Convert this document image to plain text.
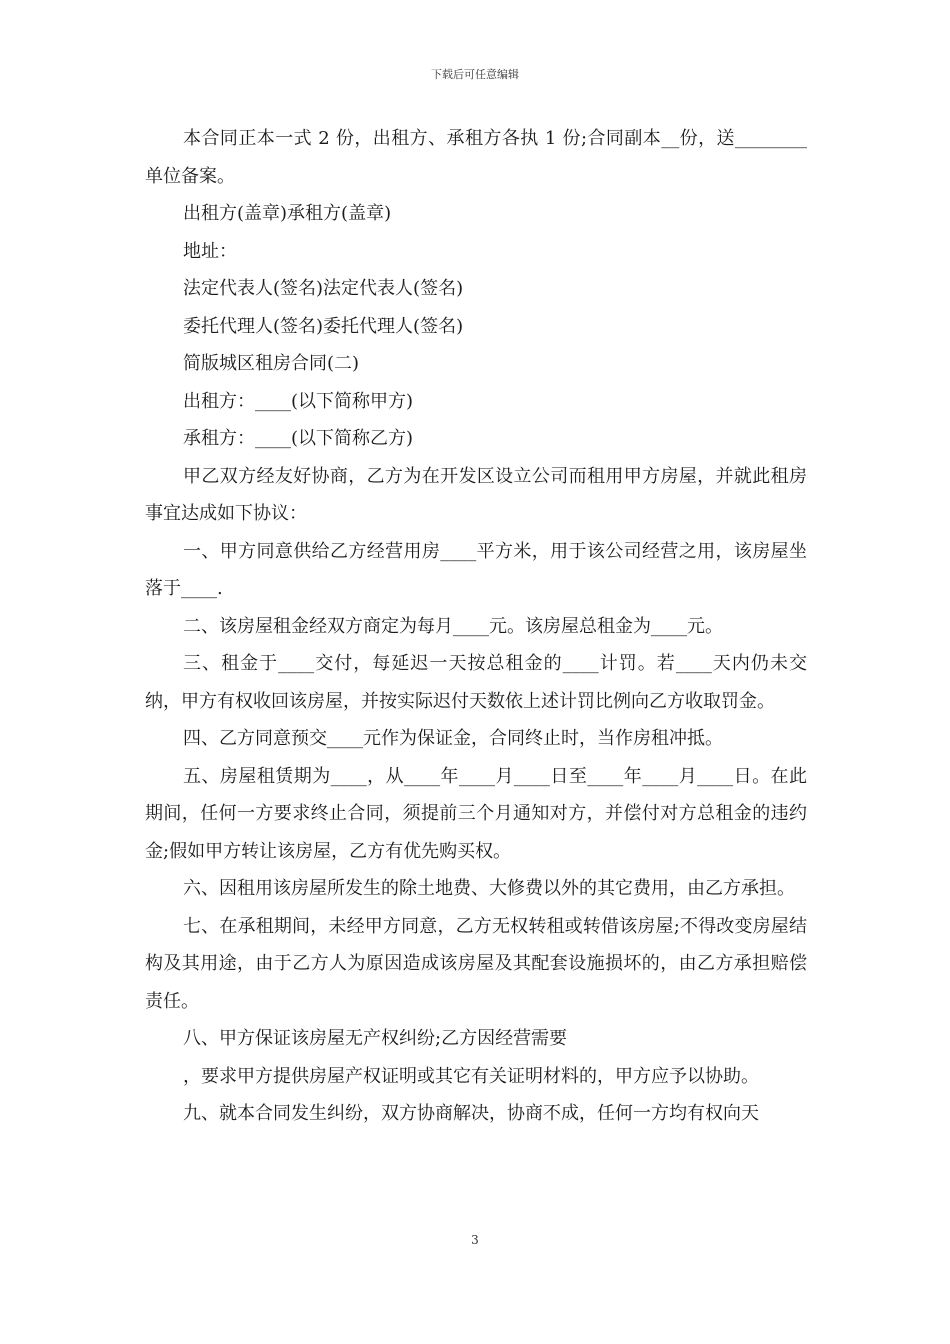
下载后可任意编辑

本合同正本一式 2 份，出租方、承租方各执 1 份;合同副本__份，送________单位备案。

出租方(盖章)承租方(盖章)

地址：

法定代表人(签名)法定代表人(签名)

委托代理人(签名)委托代理人(签名)

简版城区租房合同(二)

出租方：____(以下简称甲方)

承租方：____(以下简称乙方)

甲乙双方经友好协商，乙方为在开发区设立公司而租用甲方房屋，并就此租房事宜达成如下协议：

一、甲方同意供给乙方经营用房____平方米，用于该公司经营之用，该房屋坐落于____.

二、该房屋租金经双方商定为每月____元。该房屋总租金为____元。

三、租金于____交付，每延迟一天按总租金的____计罚。若____天内仍未交纳，甲方有权收回该房屋，并按实际迟付天数依上述计罚比例向乙方收取罚金。

四、乙方同意预交____元作为保证金，合同终止时，当作房租冲抵。

五、房屋租赁期为____，从____年____月____日至____年____月____日。在此期间，任何一方要求终止合同，须提前三个月通知对方，并偿付对方总租金的违约金;假如甲方转让该房屋，乙方有优先购买权。

六、因租用该房屋所发生的除土地费、大修费以外的其它费用，由乙方承担。

七、在承租期间，未经甲方同意，乙方无权转租或转借该房屋;不得改变房屋结构及其用途，由于乙方人为原因造成该房屋及其配套设施损坏的，由乙方承担赔偿责任。

八、甲方保证该房屋无产权纠纷;乙方因经营需要

，要求甲方提供房屋产权证明或其它有关证明材料的，甲方应予以协助。

九、就本合同发生纠纷，双方协商解决，协商不成，任何一方均有权向天

3
